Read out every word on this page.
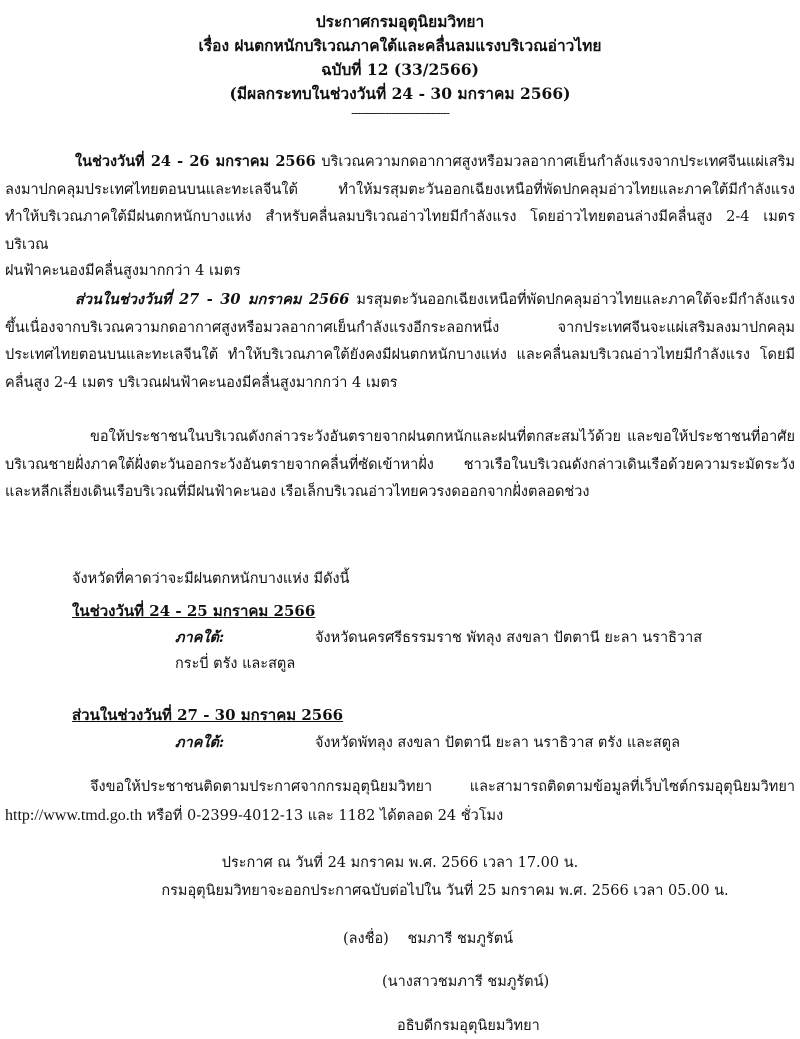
ประกาศกรมอุตุนิยมวิทยา
เรื่อง ฝนตกหนักบริเวณภาคใต้และคลื่นลมแรงบริเวณอ่าวไทย
ฉบับที่ 12 (33/2566)
(มีผลกระทบในช่วงวันที่ 24 - 30 มกราคม 2566)
--------------------------------
ในช่วงวันที่ 24 - 26 มกราคม 2566 บริเวณความกดอากาศสูงหรือมวลอากาศเย็นกำลังแรงจากประเทศจีนแผ่เสริมลงมาปกคลุมประเทศไทยตอนบนและทะเลจีนใต้ ทำให้มรสุมตะวันออกเฉียงเหนือที่พัดปกคลุมอ่าวไทยและภาคใต้มีกำลังแรง ทำให้บริเวณภาคใต้มีฝนตกหนักบางแห่ง สำหรับคลื่นลมบริเวณอ่าวไทยมีกำลังแรง โดยอ่าวไทยตอนล่างมีคลื่นสูง 2-4 เมตร บริเวณ
ฝนฟ้าคะนองมีคลื่นสูงมากกว่า 4 เมตร
ส่วนในช่วงวันที่ 27 - 30 มกราคม 2566 มรสุมตะวันออกเฉียงเหนือที่พัดปกคลุมอ่าวไทยและภาคใต้จะมีกำลังแรงขึ้นเนื่องจากบริเวณความกดอากาศสูงหรือมวลอากาศเย็นกำลังแรงอีกระลอกหนึ่ง จากประเทศจีนจะแผ่เสริมลงมาปกคลุมประเทศไทยตอนบนและทะเลจีนใต้ ทำให้บริเวณภาคใต้ยังคงมีฝนตกหนักบางแห่ง และคลื่นลมบริเวณอ่าวไทยมีกำลังแรง โดยมีคลื่นสูง 2-4 เมตร บริเวณฝนฟ้าคะนองมีคลื่นสูงมากกว่า 4 เมตร
ขอให้ประชาชนในบริเวณดังกล่าวระวังอันตรายจากฝนตกหนักและฝนที่ตกสะสมไว้ด้วย และขอให้ประชาชนที่อาศัยบริเวณชายฝั่งภาคใต้ฝั่งตะวันออกระวังอันตรายจากคลื่นที่ซัดเข้าหาฝั่ง ชาวเรือในบริเวณดังกล่าวเดินเรือด้วยความระมัดระวัง และหลีกเลี่ยงเดินเรือบริเวณที่มีฝนฟ้าคะนอง เรือเล็กบริเวณอ่าวไทยควรงดออกจากฝั่งตลอดช่วง
จังหวัดที่คาดว่าจะมีฝนตกหนักบางแห่ง มีดังนี้
ในช่วงวันที่ 24 - 25 มกราคม 2566
ภาคใต้:	จังหวัดนครศรีธรรมราช พัทลุง สงขลา ปัตตานี ยะลา นราธิวาส
กระบี่ ตรัง และสตูล
ส่วนในช่วงวันที่ 27 - 30 มกราคม 2566
ภาคใต้:	จังหวัดพัทลุง สงขลา ปัตตานี ยะลา นราธิวาส ตรัง และสตูล
จึงขอให้ประชาชนติดตามประกาศจากกรมอุตุนิยมวิทยา และสามารถติดตามข้อมูลที่เว็บไซต์กรมอุตุนิยมวิทยา http://www.tmd.go.th หรือที่ 0-2399-4012-13 และ 1182 ได้ตลอด 24 ชั่วโมง
ประกาศ ณ วันที่ 24 มกราคม พ.ศ. 2566 เวลา 17.00 น.
กรมอุตุนิยมวิทยาจะออกประกาศฉบับต่อไปใน วันที่ 25 มกราคม พ.ศ. 2566 เวลา 05.00 น.
(ลงชื่อ) ชมภารี ชมภูรัตน์
(นางสาวชมภารี ชมภูรัตน์)
อธิบดีกรมอุตุนิยมวิทยา
